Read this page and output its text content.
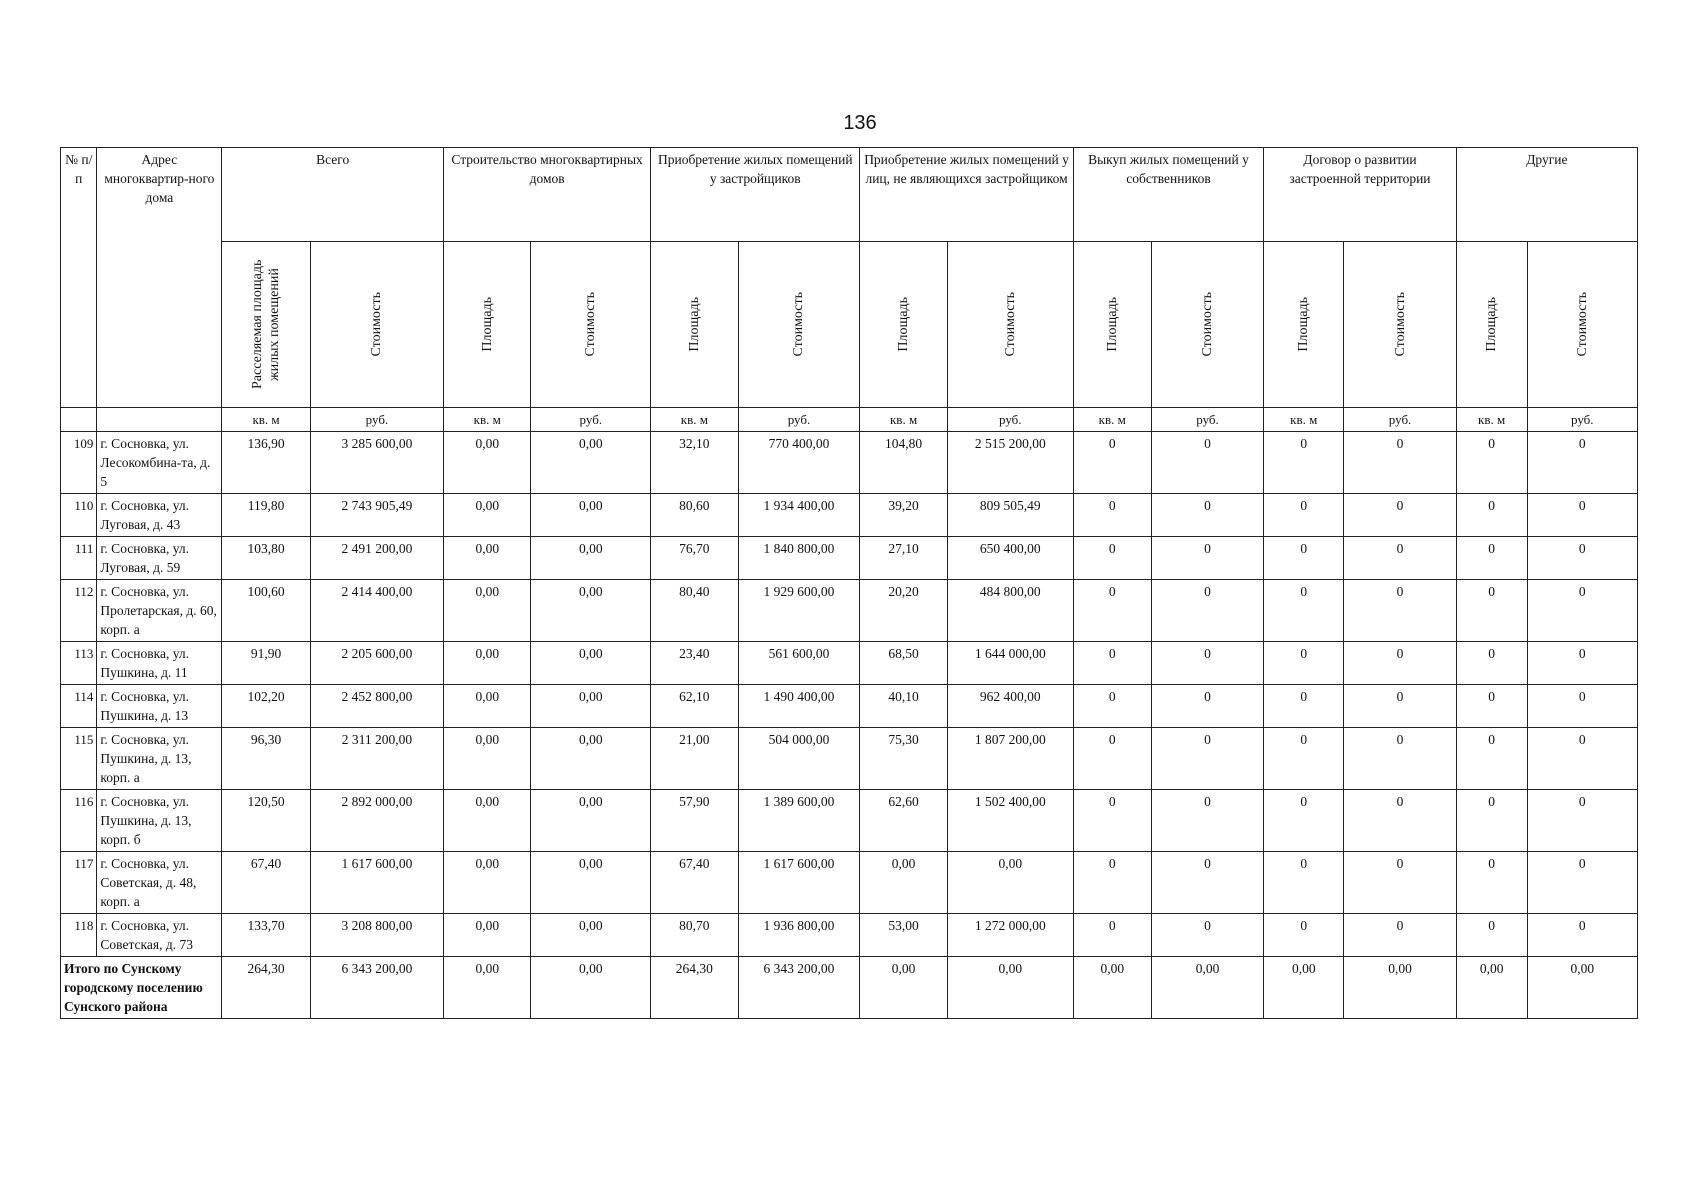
136
№ п/п	Адрес многоквартир-ного дома	Всего		Строительство многоквартирных домов		Приобретение жилых помещений у застройщиков		Приобретение жилых помещений у лиц, не являющихся застройщиком		Выкуп жилых помещений у собственников		Договор о развитии застроенной территории		Другие	

		Расселяемая площадь жилых помещений	Стоимость	Площадь	Стоимость	Площадь	Стоимость	Площадь	Стоимость	Площадь	Стоимость	Площадь	Стоимость	Площадь	Стоимость

		кв. м	руб.	кв. м	руб.	кв. м	руб.	кв. м	руб.	кв. м	руб.	кв. м	руб.	кв. м	руб.
109	г. Сосновка, ул. Лесокомбина-та, д. 5	136,90	3 285 600,00	0,00	0,00	32,10	770 400,00	104,80	2 515 200,00	0	0	0	0	0	0
110	г. Сосновка, ул. Луговая, д. 43	119,80	2 743 905,49	0,00	0,00	80,60	1 934 400,00	39,20	809 505,49	0	0	0	0	0	0
111	г. Сосновка, ул. Луговая, д. 59	103,80	2 491 200,00	0,00	0,00	76,70	1 840 800,00	27,10	650 400,00	0	0	0	0	0	0
112	г. Сосновка, ул. Пролетарская, д. 60, корп. а	100,60	2 414 400,00	0,00	0,00	80,40	1 929 600,00	20,20	484 800,00	0	0	0	0	0	0
113	г. Сосновка, ул. Пушкина, д. 11	91,90	2 205 600,00	0,00	0,00	23,40	561 600,00	68,50	1 644 000,00	0	0	0	0	0	0
114	г. Сосновка, ул. Пушкина, д. 13	102,20	2 452 800,00	0,00	0,00	62,10	1 490 400,00	40,10	962 400,00	0	0	0	0	0	0
115	г. Сосновка, ул. Пушкина, д. 13, корп. а	96,30	2 311 200,00	0,00	0,00	21,00	504 000,00	75,30	1 807 200,00	0	0	0	0	0	0
116	г. Сосновка, ул. Пушкина, д. 13, корп. б	120,50	2 892 000,00	0,00	0,00	57,90	1 389 600,00	62,60	1 502 400,00	0	0	0	0	0	0
117	г. Сосновка, ул. Советская, д. 48, корп. а	67,40	1 617 600,00	0,00	0,00	67,40	1 617 600,00	0,00	0,00	0	0	0	0	0	0
118	г. Сосновка, ул. Советская, д. 73	133,70	3 208 800,00	0,00	0,00	80,70	1 936 800,00	53,00	1 272 000,00	0	0	0	0	0	0
Итого по Сунскому городскому поселению Сунского района		264,30	6 343 200,00	0,00	0,00	264,30	6 343 200,00	0,00	0,00	0,00	0,00	0,00	0,00	0,00	0,00
